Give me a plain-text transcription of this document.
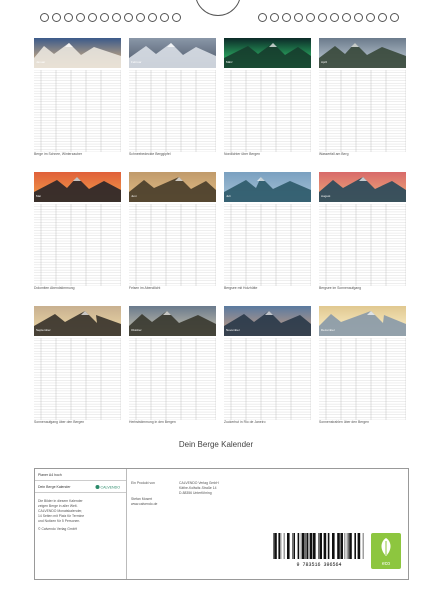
Januar
Berge im Schnee, Winterzauber
Februar
Schneebedeckte Berggipfel
März
Nordlichter über Bergen
April
Wasserfall am Berg
Mai
Dolomiten Abendstimmung
Juni
Felsen im Abendlicht
Juli
Bergsee mit Holzhütte
August
Bergsee im Sonnenaufgang
September
Sonnenaufgang über den Bergen
Oktober
Herbststimmung in den Bergen
November
Zuckerhut in Rio de Janeiro
Dezember
Sonnenstrahlen über den Bergen
Dein Berge Kalender
Planer A4 hoch
Dein Berge Kalender	CALVENDO
Die Bilder in diesem Kalender
zeigen Berge in aller Welt.
CALVENDO Monatskalender,
14 Seiten mit Platz für Termine
und Notizen für 5 Personen.
© Calvendo Verlag GmbH
Ein Produkt von
Stefan Mosert
www.calvendo.de
CALVENDO Verlag GmbH
Käthe-Kollwitz-Straße 14
D-88356 Unterföhring
9 783516 396564	eco
